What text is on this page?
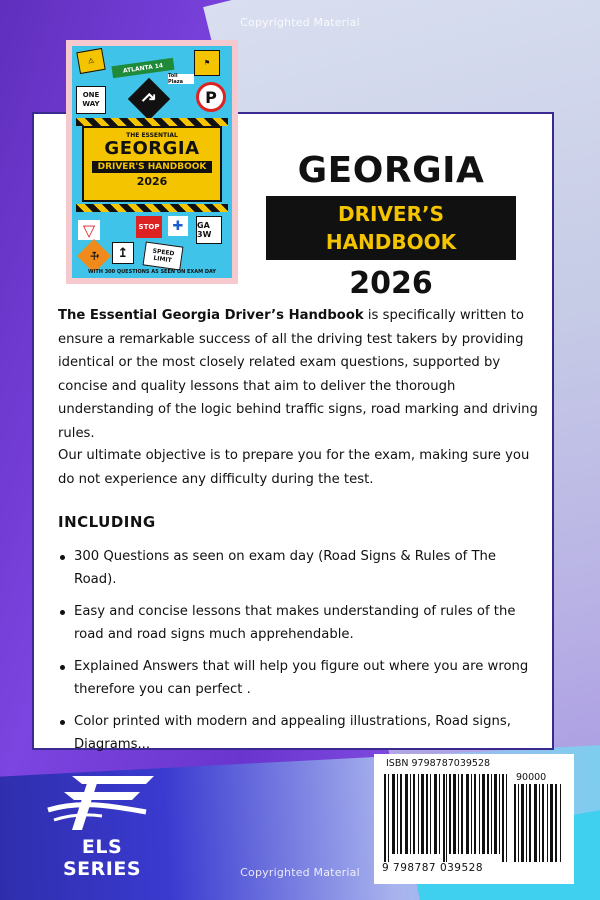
Copyrighted Material
⚠
ATLANTA 14	⚑
Toll Plaza
ONE WAY	↱	P
THE ESSENTIAL
GEORGIA
DRIVER'S HANDBOOK
2026
STOP	✚	GA 3W
▽
⚒	↥	SPEED LIMIT
WITH 300 QUESTIONS AS SEEN ON EXAM DAY
GEORGIA
DRIVER’S HANDBOOK
2026

The Essential Georgia Driver’s Handbook is specifically written to ensure a remarkable success of all the driving test takers by providing identical or the most closely related exam questions, supported by concise and quality lessons that aim to deliver the thorough understanding of the logic behind traffic signs, road marking and driving rules.

Our ultimate objective is to prepare you for the exam, making sure you do not experience any difficulty during the test.

INCLUDING
300 Questions as seen on exam day (Road Signs & Rules of The Road).
Easy and concise lessons that makes understanding of rules of the road and road signs much apprehendable.
Explained Answers that will help you figure out where you are wrong therefore you can perfect .
Color printed with modern and appealing illustrations, Road signs, Diagrams...
ELS SERIES
ISBN 9798787039528
90000
9 798787 039528
Copyrighted Material
